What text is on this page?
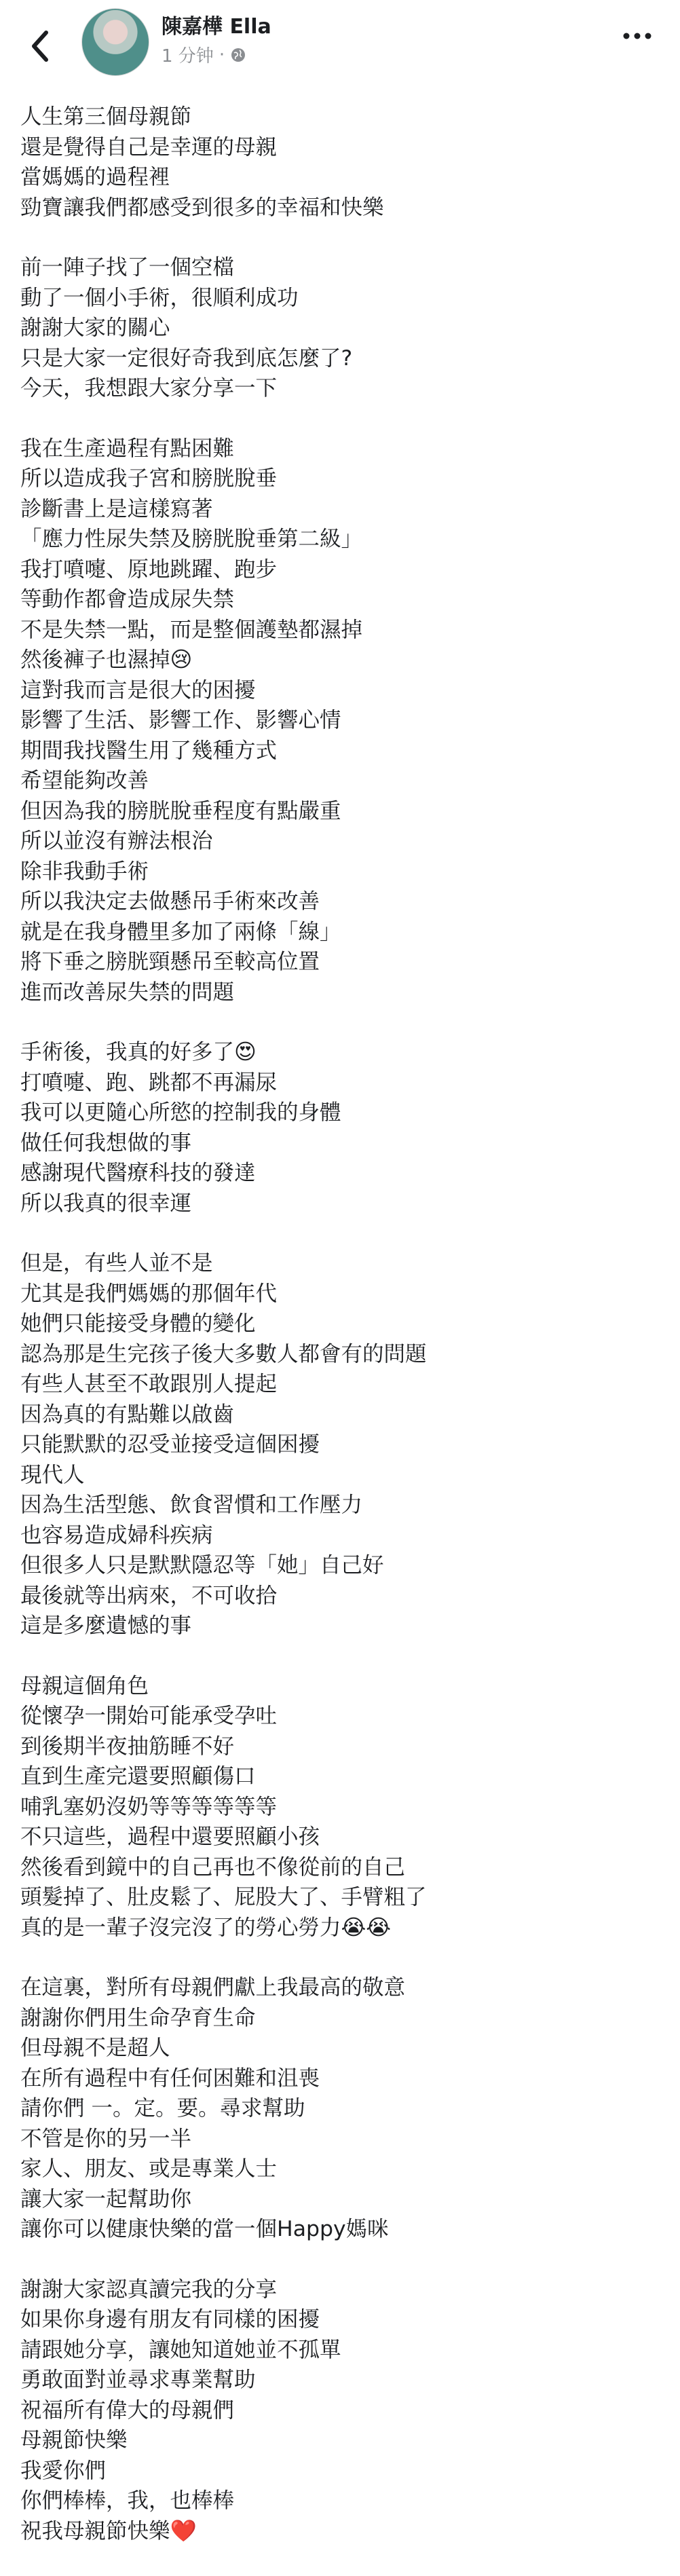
陳嘉樺 Ella
1 分钟 ·
人生第三個母親節
還是覺得自己是幸運的母親
當媽媽的過程裡
勁寶讓我們都感受到很多的幸福和快樂
前一陣子找了一個空檔
動了一個小手術，很順利成功
謝謝大家的關心
只是大家一定很好奇我到底怎麼了?
今天，我想跟大家分享一下
我在生產過程有點困難
所以造成我子宮和膀胱脫垂
診斷書上是這樣寫著
「應力性尿失禁及膀胱脫垂第二級」
我打噴嚏、原地跳躍、跑步
等動作都會造成尿失禁
不是失禁一點，而是整個護墊都濕掉
然後褲子也濕掉😢
這對我而言是很大的困擾
影響了生活、影響工作、影響心情
期間我找醫生用了幾種方式
希望能夠改善
但因為我的膀胱脫垂程度有點嚴重
所以並沒有辦法根治
除非我動手術
所以我決定去做懸吊手術來改善
就是在我身體里多加了兩條「線」
將下垂之膀胱頸懸吊至較高位置
進而改善尿失禁的問題
手術後，我真的好多了😍
打噴嚏、跑、跳都不再漏尿
我可以更隨心所慾的控制我的身體
做任何我想做的事
感謝現代醫療科技的發達
所以我真的很幸運
但是，有些人並不是
尤其是我們媽媽的那個年代
她們只能接受身體的變化
認為那是生完孩子後大多數人都會有的問題
有些人甚至不敢跟別人提起
因為真的有點難以啟齒
只能默默的忍受並接受這個困擾
現代人
因為生活型態、飲食習慣和工作壓力
也容易造成婦科疾病
但很多人只是默默隱忍等「她」自己好
最後就等出病來，不可收拾
這是多麼遺憾的事
母親這個角色
從懷孕一開始可能承受孕吐
到後期半夜抽筋睡不好
直到生產完還要照顧傷口
哺乳塞奶沒奶等等等等等等
不只這些，過程中還要照顧小孩
然後看到鏡中的自己再也不像從前的自己
頭髮掉了、肚皮鬆了、屁股大了、手臂粗了
真的是一輩子沒完沒了的勞心勞力😭😭
在這裏，對所有母親們獻上我最高的敬意
謝謝你們用生命孕育生命
但母親不是超人
在所有過程中有任何困難和沮喪
請你們 一。定。要。尋求幫助
不管是你的另一半
家人、朋友、或是專業人士
讓大家一起幫助你
讓你可以健康快樂的當一個Happy媽咪
謝謝大家認真讀完我的分享
如果你身邊有朋友有同樣的困擾
請跟她分享，讓她知道她並不孤單
勇敢面對並尋求專業幫助
祝福所有偉大的母親們
母親節快樂
我愛你們
你們棒棒，我，也棒棒
祝我母親節快樂❤️
